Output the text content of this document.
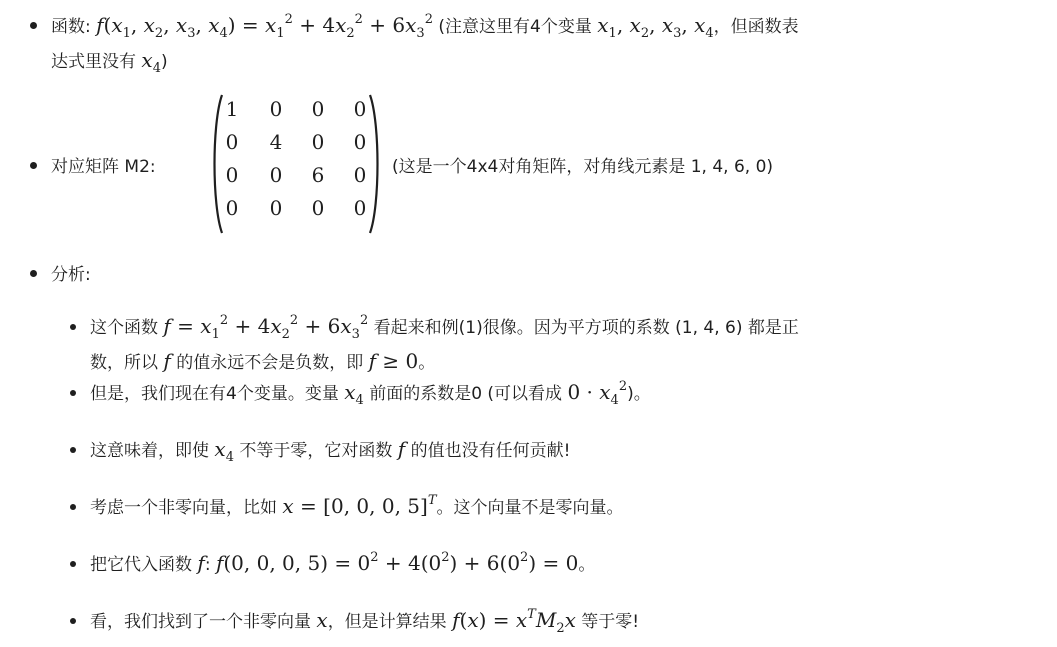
函数: $f(x_1$, $x_2$, $x_3$, $x_4) = x_1^2 + 4x_2^2 + 6x_3^2$ (注意这里有4个变量 $x_1$, $x_2$, $x_3$, $x_4$，但函数表
达式里没有 $x_4$)
对应矩阵 M2:
1 0 0 0
0 4 0 0
0 0 6 0
0 0 0 0
(这是一个4x4对角矩阵，对角线元素是 1, 4, 6, 0)
分析:
这个函数 $f = x_1^2 + 4x_2^2 + 6x_3^2$ 看起来和例(1)很像。因为平方项的系数 (1, 4, 6) 都是正
数，所以 f 的值永远不会是负数，即 f ≥ 0。
但是，我们现在有4个变量。变量 $x_4$ 前面的系数是0 (可以看成 $0 \cdot x_4^2$)。
这意味着，即使 $x_4$ 不等于零，它对函数 f 的值也没有任何贡献!
考虑一个非零向量，比如 x = [0, 0, 0, 5]$^T$。这个向量不是零向量。
把它代入函数 f: f(0, 0, 0, $5) = 0^2 + 4(0^2) + 6(0^2) = 0$。
看，我们找到了一个非零向量 x，但是计算结果 $f(x) = x^TM_2x$ 等于零!
